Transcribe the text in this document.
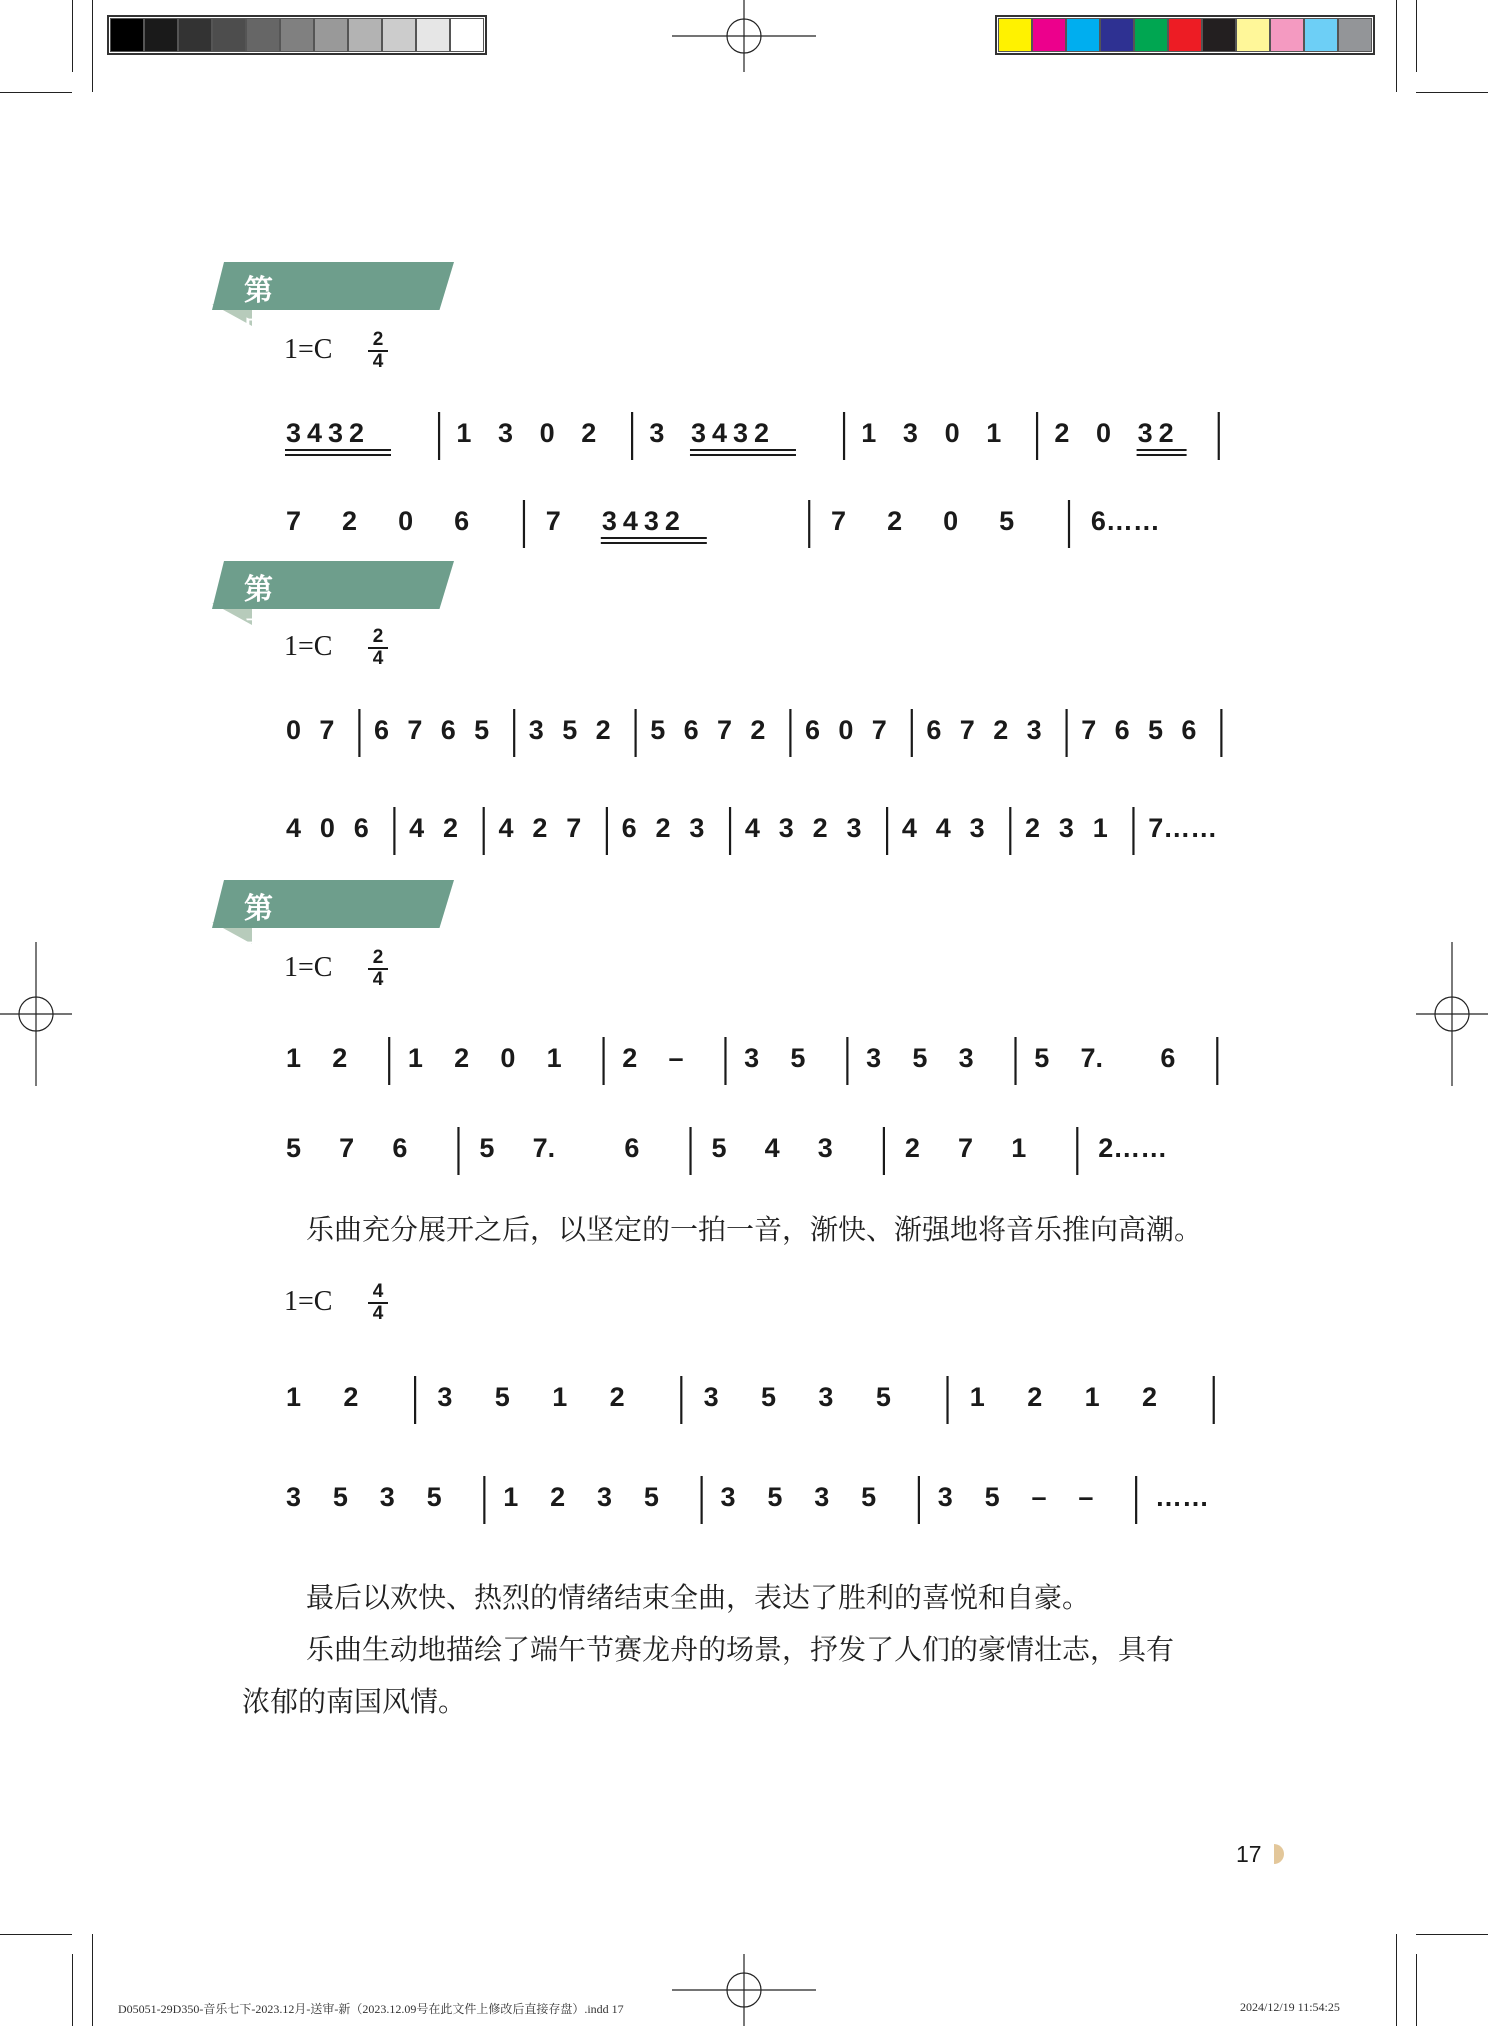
第四音乐主题
第五音乐主题
第六音乐主题
$1=C \frac{2}{4}$
$1=C \frac{2}{4}$
$1=C \frac{2}{4}$
$1=C \frac{4}{4}$
3432	1 3 0 2 3 3432	1 3 0 1 2 0 32
7 2 0 6	7 3432	7 2 0 5	6……
0 7 6 7 6 5 3 5 2 5 6 7 2 6 0 7 6 7 2 3 7 6 5 6
4 0 6 4 2 4 2 7 6 2 3 4 3 2 3 4 4 3 2 3 1 7……
1 2 1 2 0 1 2 – 3 5 3 5 3 5 7. 6
5 7 6	5 7.	6	5 4 3	2 7 1	2……
1 2	3 5 1 2	3 5 3 5	1 2 1 2
3 5 3 5 1 2 3 5 3 5 3 5 3 5 – – ……
乐曲充分展开之后，以坚定的一拍一音，渐快、渐强地将音乐推向高潮。
最后以欢快、热烈的情绪结束全曲，表达了胜利的喜悦和自豪。
乐曲生动地描绘了端午节赛龙舟的场景，抒发了人们的豪情壮志，具有
浓郁的南国风情。
17
D05051-29D350-音乐七下-2023.12月-送审-新（2023.12.09号在此文件上修改后直接存盘）.indd 17	2024/12/19 11:54:25
